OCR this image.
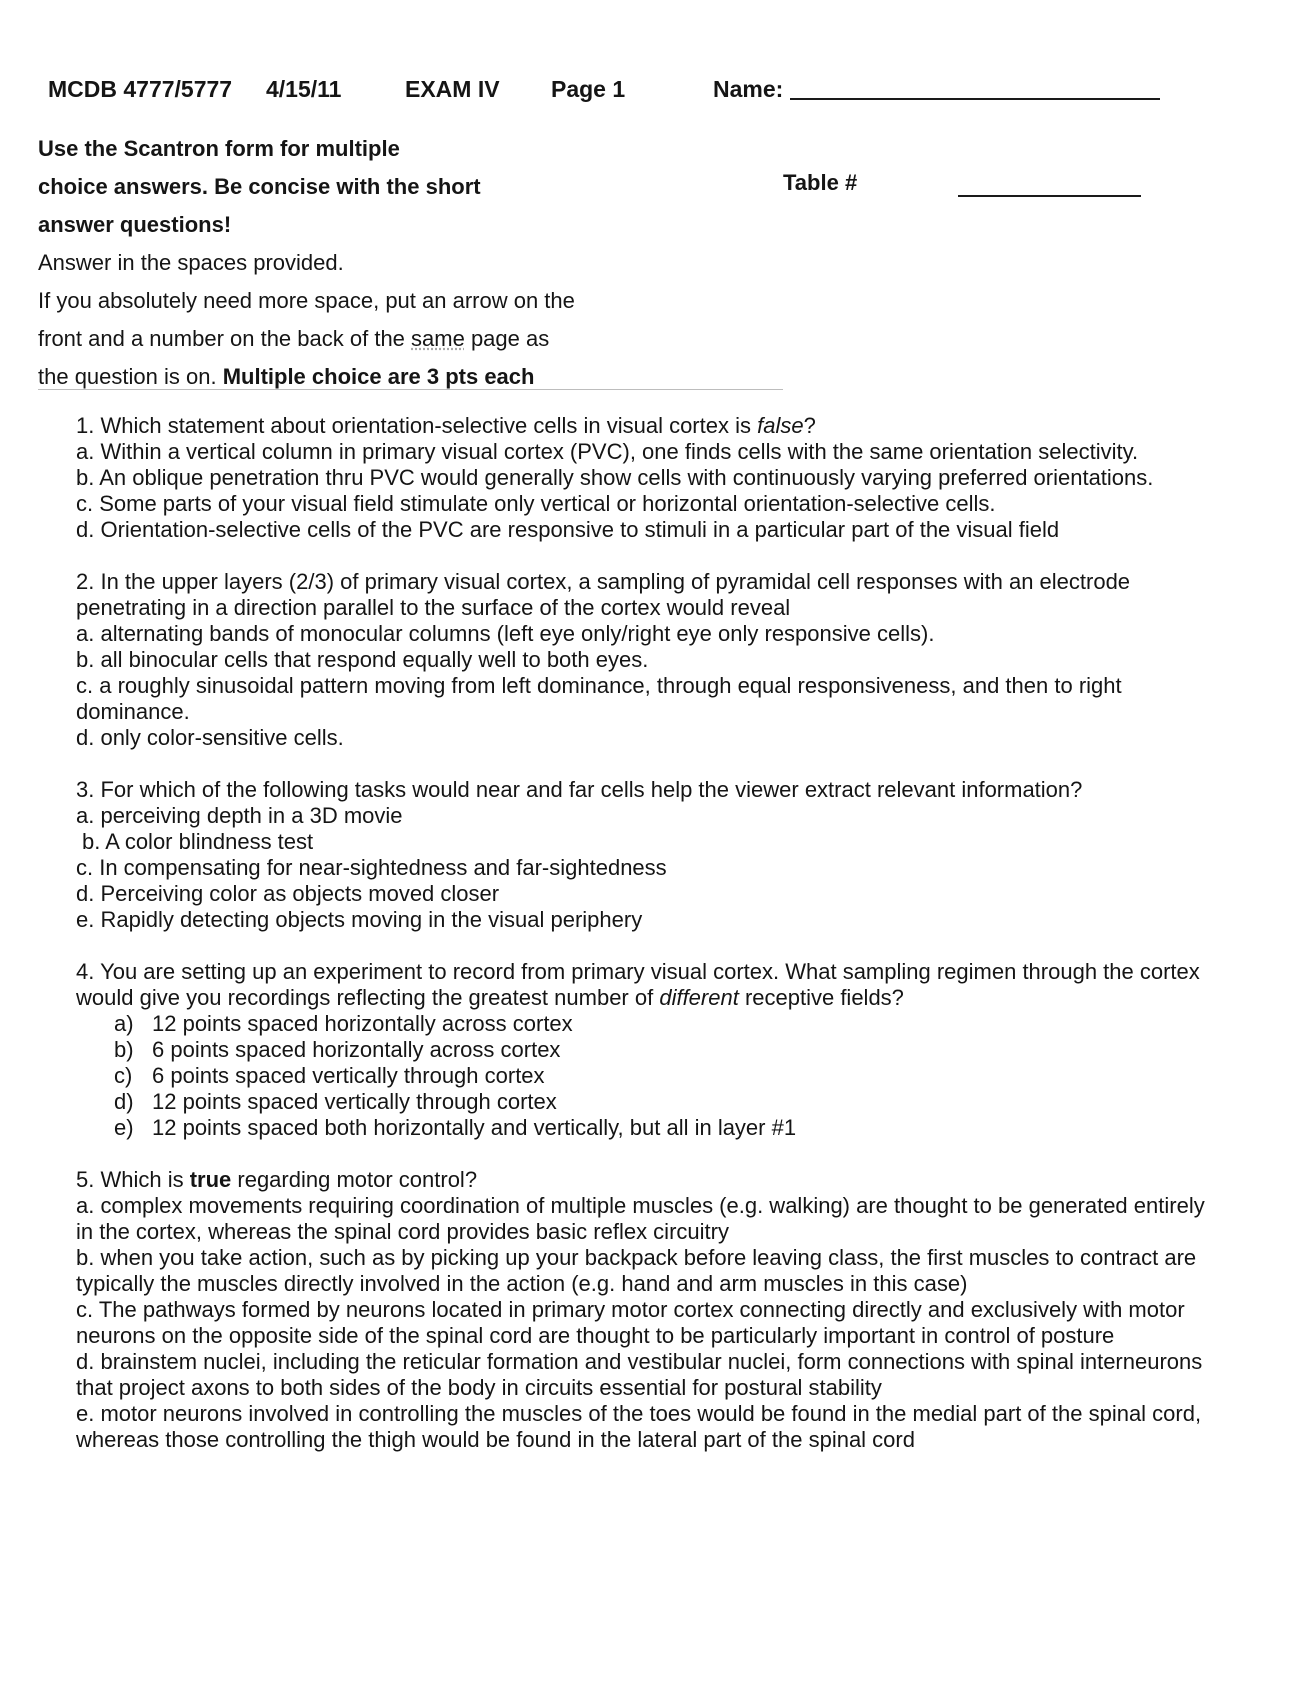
MCDB 4777/5777 4/15/11	EXAM IV Page 1	Name:
Use the Scantron form for multiple
choice answers. Be concise with the short
answer questions!
Answer in the spaces provided.
If you absolutely need more space, put an arrow on the
front and a number on the back of the same page as
the question is on. Multiple choice are 3 pts each
Table #
1. Which statement about orientation-selective cells in visual cortex is false?
a. Within a vertical column in primary visual cortex (PVC), one finds cells with the same orientation selectivity.
b. An oblique penetration thru PVC would generally show cells with continuously varying preferred orientations.
c. Some parts of your visual field stimulate only vertical or horizontal orientation-selective cells.
d. Orientation-selective cells of the PVC are responsive to stimuli in a particular part of the visual field
2. In the upper layers (2/3) of primary visual cortex, a sampling of pyramidal cell responses with an electrode penetrating in a direction parallel to the surface of the cortex would reveal
a. alternating bands of monocular columns (left eye only/right eye only responsive cells).
b. all binocular cells that respond equally well to both eyes.
c. a roughly sinusoidal pattern moving from left dominance, through equal responsiveness, and then to right dominance.
d. only color-sensitive cells.
3. For which of the following tasks would near and far cells help the viewer extract relevant information?
a. perceiving depth in a 3D movie
b. A color blindness test
c. In compensating for near-sightedness and far-sightedness
d. Perceiving color as objects moved closer
e. Rapidly detecting objects moving in the visual periphery
4. You are setting up an experiment to record from primary visual cortex. What sampling regimen through the cortex would give you recordings reflecting the greatest number of different receptive fields?
a) 12 points spaced horizontally across cortex
b) 6 points spaced horizontally across cortex
c) 6 points spaced vertically through cortex
d) 12 points spaced vertically through cortex
e) 12 points spaced both horizontally and vertically, but all in layer #1
5. Which is true regarding motor control?
a. complex movements requiring coordination of multiple muscles (e.g. walking) are thought to be generated entirely in the cortex, whereas the spinal cord provides basic reflex circuitry
b. when you take action, such as by picking up your backpack before leaving class, the first muscles to contract are typically the muscles directly involved in the action (e.g. hand and arm muscles in this case)
c. The pathways formed by neurons located in primary motor cortex connecting directly and exclusively with motor neurons on the opposite side of the spinal cord are thought to be particularly important in control of posture
d. brainstem nuclei, including the reticular formation and vestibular nuclei, form connections with spinal interneurons that project axons to both sides of the body in circuits essential for postural stability
e. motor neurons involved in controlling the muscles of the toes would be found in the medial part of the spinal cord, whereas those controlling the thigh would be found in the lateral part of the spinal cord
